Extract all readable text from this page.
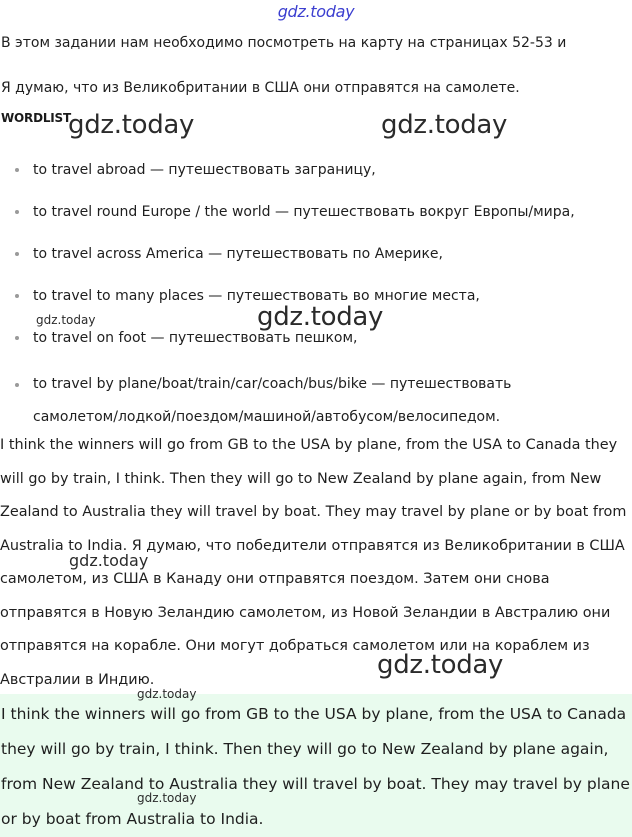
gdz.today

В этом задании нам необходимо посмотреть на карту на страницах 52-53 и

Я думаю, что из Великобритании в США они отправятся на самолете.

WORDLIST
to travel abroad — путешествовать заграницу,
to travel round Europe / the world — путешествовать вокруг Европы/мира,
to travel across America — путешествовать по Америке,
to travel to many places — путешествовать во многие места,
to travel on foot — путешествовать пешком,
to travel by plane/boat/train/car/coach/bus/bike — путешествовать
самолетом/лодкой/поездом/машиной/автобусом/велосипедом.

I think the winners will go from GB to the USA by plane, from the USA to Canada they will go by train, I think. Then they will go to New Zealand by plane again, from New Zealand to Australia they will travel by boat. They may travel by plane or by boat from Australia to India. Я думаю, что победители отправятся из Великобритании в США самолетом, из США в Канаду они отправятся поездом. Затем они снова отправятся в Новую Зеландию самолетом, из Новой Зеландии в Австралию они отправятся на корабле. Они могут добраться самолетом или на кораблем из Австралии в Индию.

I think the winners will go from GB to the USA by plane, from the USA to Canada they will go by train, I think. Then they will go to New Zealand by plane again, from New Zealand to Australia they will travel by boat. They may travel by plane or by boat from Australia to India.

gdz.today	gdz.today
gdz.today	gdz.today
gdz.today
gdz.today
gdz.today
gdz.today
